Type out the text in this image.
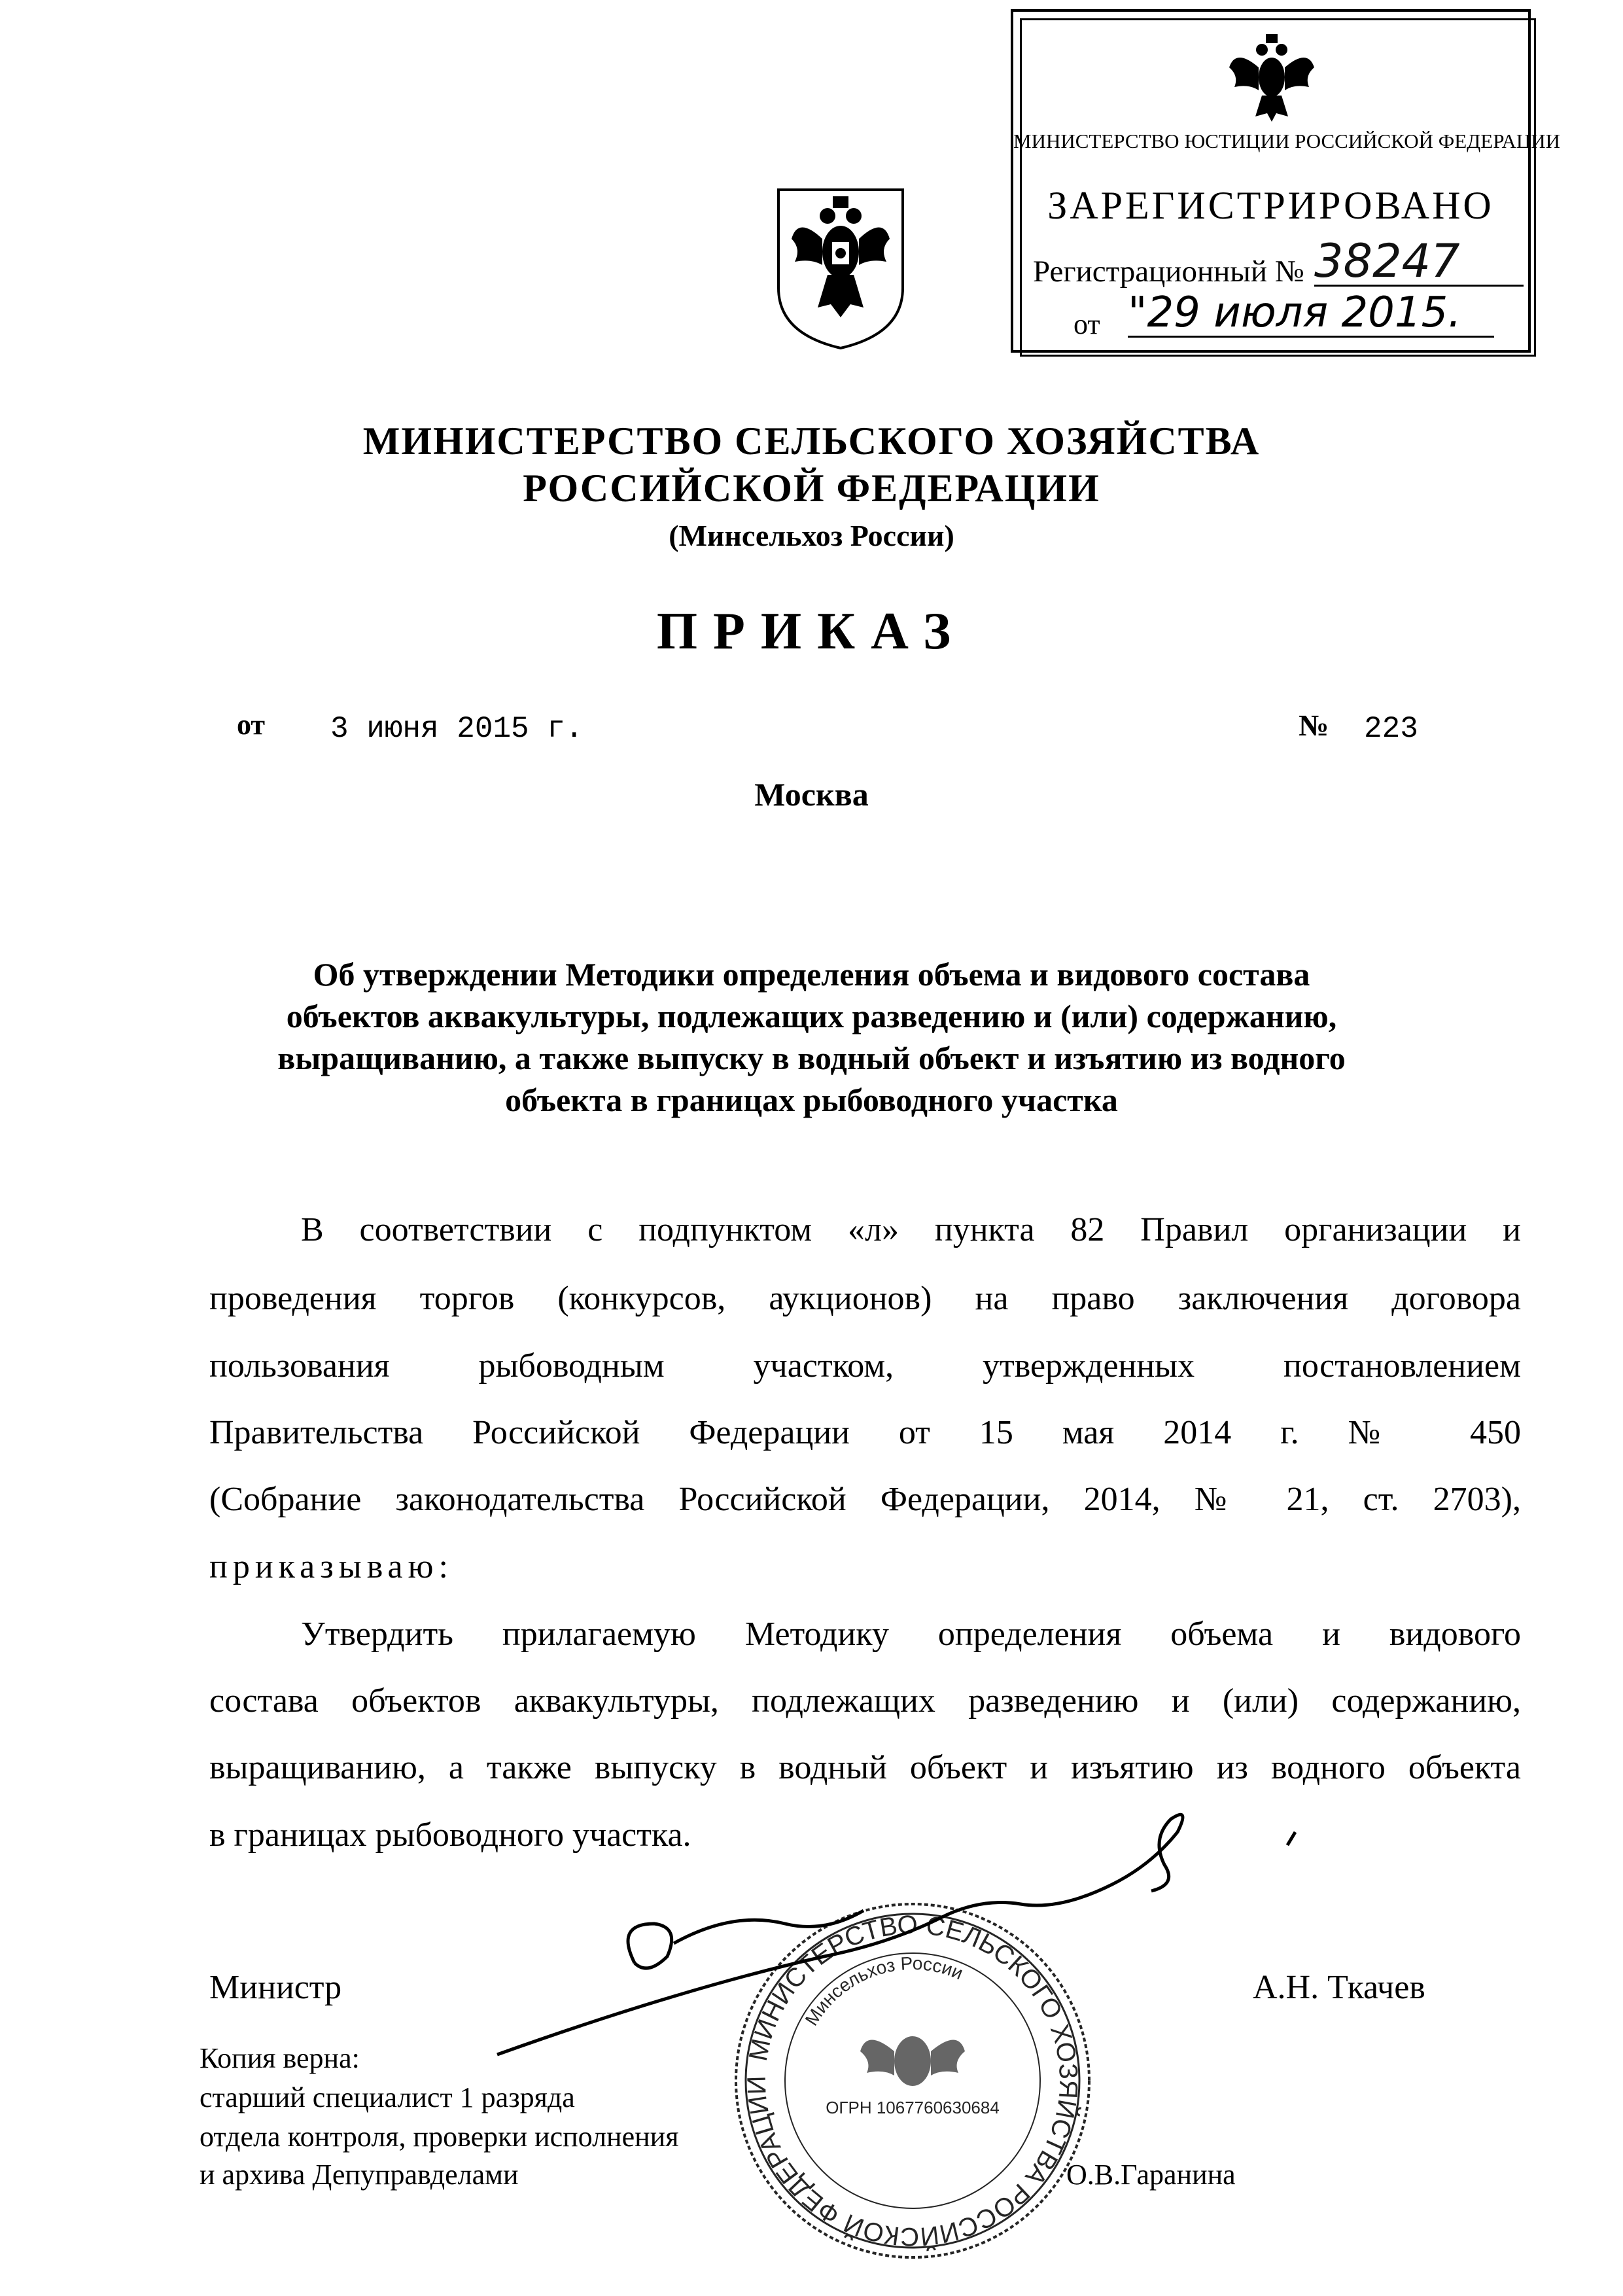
МИНИСТЕРСТВО ЮСТИЦИИ РОССИЙСКОЙ ФЕДЕРАЦИИ
ЗАРЕГИСТРИРОВАНО
Регистрационный № 38247
от "29 июля 2015.
МИНИСТЕРСТВО СЕЛЬСКОГО ХОЗЯЙСТВА
РОССИЙСКОЙ ФЕДЕРАЦИИ
(Минсельхоз России)
ПРИКАЗ
от 3 июня 2015 г.	№ 223
Москва
Об утверждении Методики определения объема и видового состава
объектов аквакультуры, подлежащих разведению и (или) содержанию,
выращиванию, а также выпуску в водный объект и изъятию из водного
объекта в границах рыбоводного участка
В соответствии с подпунктом «л» пункта 82 Правил организации и
проведения торгов (конкурсов, аукционов) на право заключения договора
пользования рыбоводным участком, утвержденных постановлением
Правительства Российской Федерации от 15 мая 2014 г. № 450
(Собрание законодательства Российской Федерации, 2014, № 21, ст. 2703),
приказываю:
Утвердить прилагаемую Методику определения объема и видового
состава объектов аквакультуры, подлежащих разведению и (или) содержанию,
выращиванию, а также выпуску в водный объект и изъятию из водного объекта
в границах рыбоводного участка.
МИНИСТЕРСТВО СЕЛЬСКОГО ХОЗЯЙСТВА РОССИЙСКОЙ ФЕДЕРАЦИИ
Минсельхоз России
ОГРН 1067760630684
Министр	А.Н. Ткачев
Копия верна:
старший специалист 1 разряда
отдела контроля, проверки исполнения
и архива Депуправделами	О.В.Гаранина
